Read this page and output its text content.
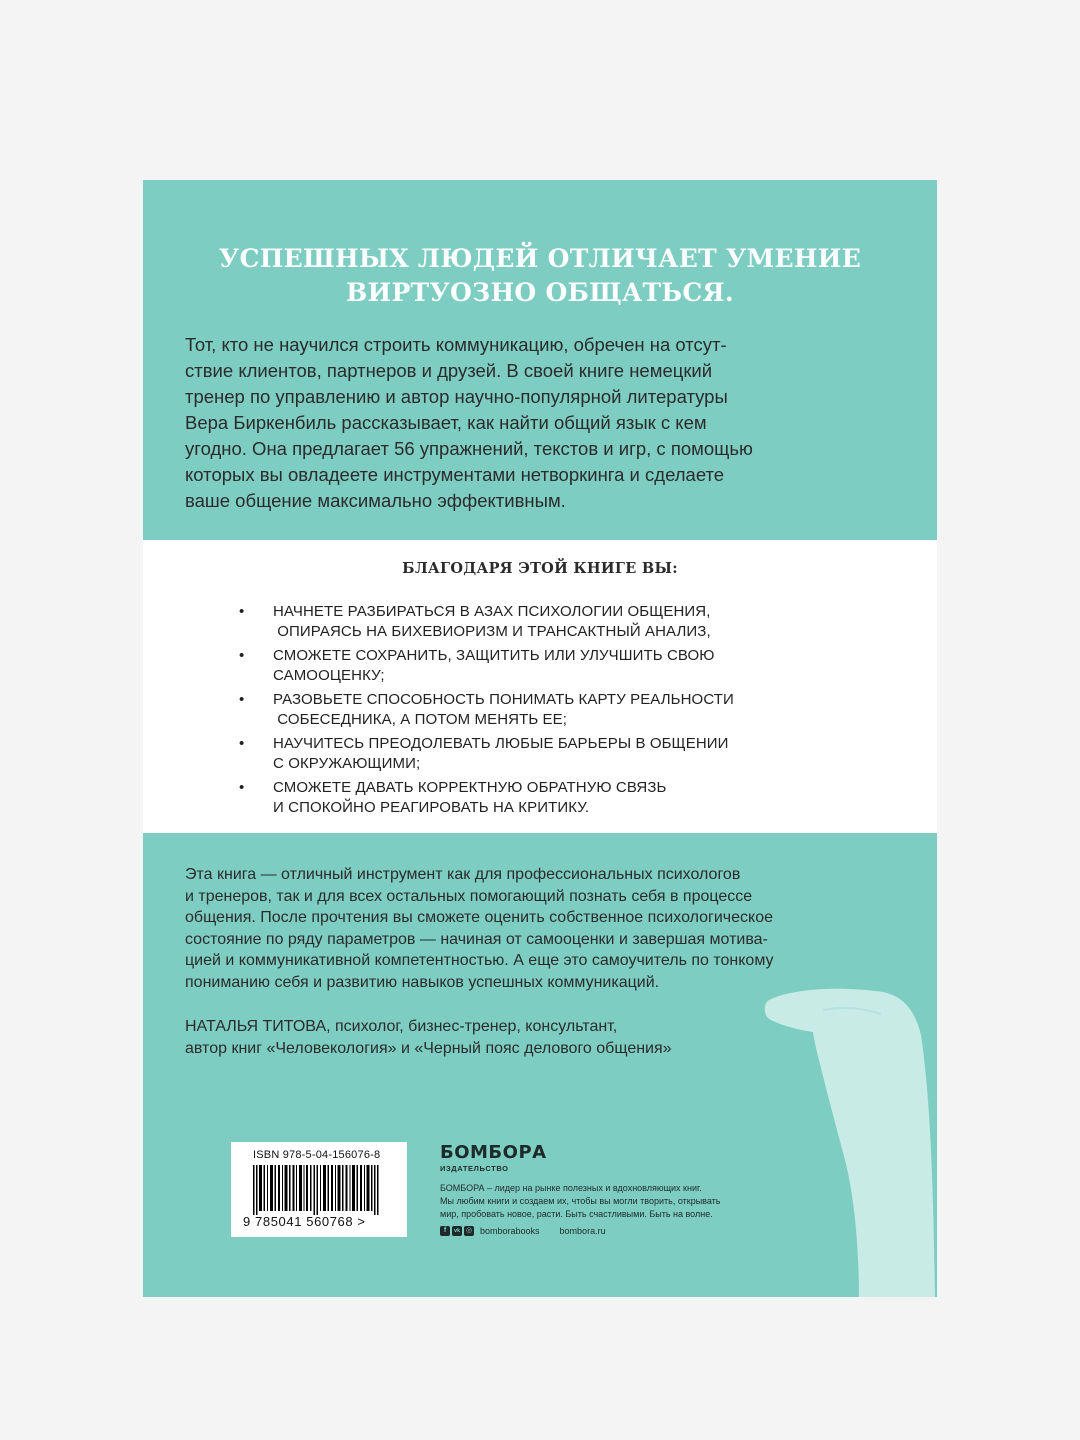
УСПЕШНЫХ ЛЮДЕЙ ОТЛИЧАЕТ УМЕНИЕ
ВИРТУОЗНО ОБЩАТЬСЯ.
Тот, кто не научился строить коммуникацию, обречен на отсут-
ствие клиентов, партнеров и друзей. В своей книге немецкий
тренер по управлению и автор научно-популярной литературы
Вера Биркенбиль рассказывает, как найти общий язык с кем
угодно. Она предлагает 56 упражнений, текстов и игр, с помощью
которых вы овладеете инструментами нетворкинга и сделаете
ваше общение максимально эффективным.
БЛАГОДАРЯ ЭТОЙ КНИГЕ ВЫ:
•	НАЧНЕТЕ РАЗБИРАТЬСЯ В АЗАХ ПСИХОЛОГИИ ОБЩЕНИЯ,
ОПИРАЯСЬ НА БИХЕВИОРИЗМ И ТРАНСАКТНЫЙ АНАЛИЗ,
•	СМОЖЕТЕ СОХРАНИТЬ, ЗАЩИТИТЬ ИЛИ УЛУЧШИТЬ СВОЮ
САМООЦЕНКУ;
•	РАЗОВЬЕТЕ СПОСОБНОСТЬ ПОНИМАТЬ КАРТУ РЕАЛЬНОСТИ
СОБЕСЕДНИКА, А ПОТОМ МЕНЯТЬ ЕЕ;
•	НАУЧИТЕСЬ ПРЕОДОЛЕВАТЬ ЛЮБЫЕ БАРЬЕРЫ В ОБЩЕНИИ
С ОКРУЖАЮЩИМИ;
•	СМОЖЕТЕ ДАВАТЬ КОРРЕКТНУЮ ОБРАТНУЮ СВЯЗЬ
И СПОКОЙНО РЕАГИРОВАТЬ НА КРИТИКУ.
Эта книга — отличный инструмент как для профессиональных психологов
и тренеров, так и для всех остальных помогающий познать себя в процессе
общения. После прочтения вы сможете оценить собственное психологическое
состояние по ряду параметров — начиная от самооценки и завершая мотива-
цией и коммуникативной компетентностью. А еще это самоучитель по тонкому
пониманию себя и развитию навыков успешных коммуникаций.
НАТАЛЬЯ ТИТОВА, психолог, бизнес-тренер, консультант,
автор книг «Человекология» и «Черный пояс делового общения»
ISBN 978-5-04-156076-8
9 785041 560768 >
БОМБОРА
ИЗДАТЕЛЬСТВО
БОМБОРА – лидер на рынке полезных и вдохновляющих книг.
Мы любим книги и создаем их, чтобы вы могли творить, открывать
мир, пробовать новое, расти. Быть счастливыми. Быть на волне.
f	vk ◎ bomborabooks bombora.ru
